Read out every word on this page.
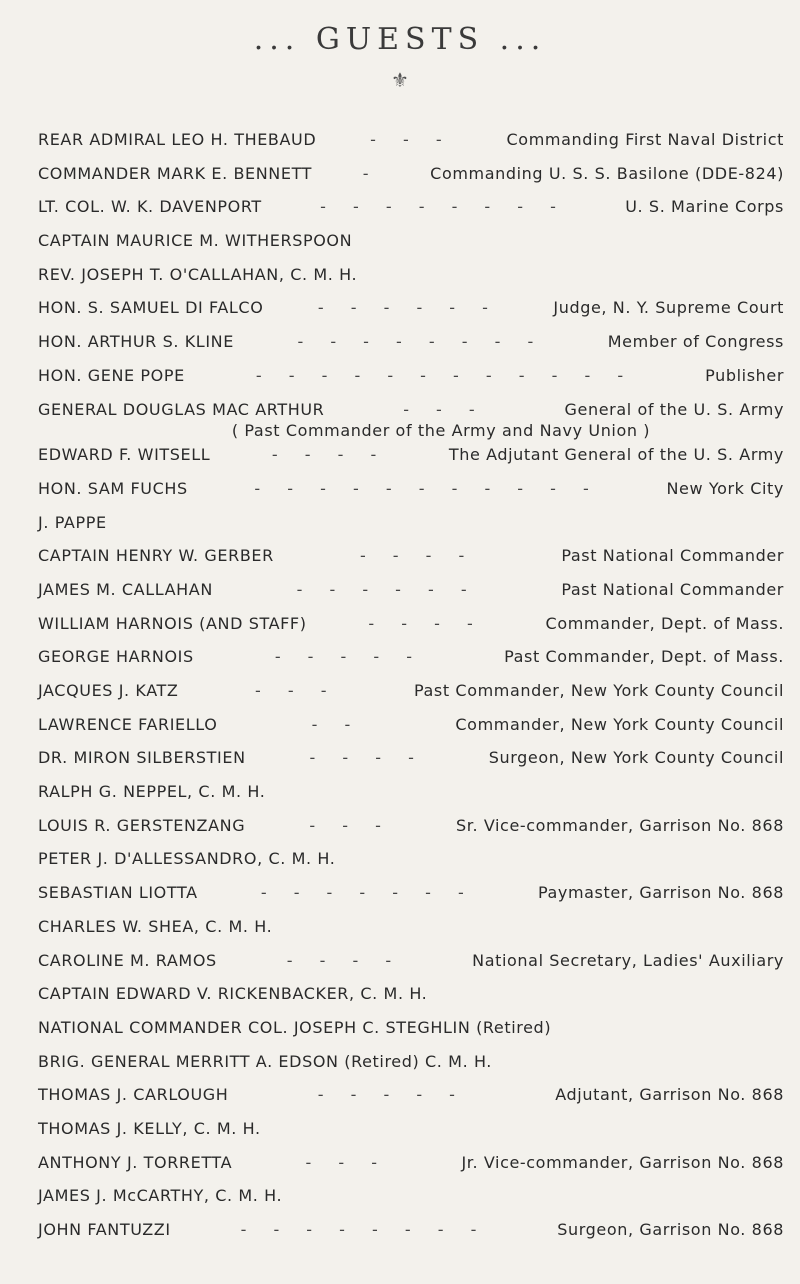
... GUESTS ...
⚜
REAR ADMIRAL LEO H. THEBAUD	- - -	Commanding First Naval District
COMMANDER MARK E. BENNETT	-	Commanding U. S. S. Basilone (DDE-824)
LT. COL. W. K. DAVENPORT	- - - - - - - -	U. S. Marine Corps
CAPTAIN MAURICE M. WITHERSPOON
REV. JOSEPH T. O'CALLAHAN, C. M. H.
HON. S. SAMUEL DI FALCO	- - - - - -	Judge, N. Y. Supreme Court
HON. ARTHUR S. KLINE	- - - - - - - -	Member of Congress
HON. GENE POPE	- - - - - - - - - - - -	Publisher
GENERAL DOUGLAS MAC ARTHUR	- - -	General of the U. S. Army
( Past Commander of the Army and Navy Union )
EDWARD F. WITSELL	- - - -	The Adjutant General of the U. S. Army
HON. SAM FUCHS	- - - - - - - - - - -	New York City
J. PAPPE
CAPTAIN HENRY W. GERBER	- - - -	Past National Commander
JAMES M. CALLAHAN	- - - - - -	Past National Commander
WILLIAM HARNOIS (AND STAFF)	- - - -	Commander, Dept. of Mass.
GEORGE HARNOIS	- - - - -	Past Commander, Dept. of Mass.
JACQUES J. KATZ	- - -	Past Commander, New York County Council
LAWRENCE FARIELLO	- -	Commander, New York County Council
DR. MIRON SILBERSTIEN	- - - -	Surgeon, New York County Council
RALPH G. NEPPEL, C. M. H.
LOUIS R. GERSTENZANG	- - -	Sr. Vice-commander, Garrison No. 868
PETER J. D'ALLESSANDRO, C. M. H.
SEBASTIAN LIOTTA	- - - - - - -	Paymaster, Garrison No. 868
CHARLES W. SHEA, C. M. H.
CAROLINE M. RAMOS	- - - -	National Secretary, Ladies' Auxiliary
CAPTAIN EDWARD V. RICKENBACKER, C. M. H.
NATIONAL COMMANDER COL. JOSEPH C. STEGHLIN (Retired)
BRIG. GENERAL MERRITT A. EDSON (Retired) C. M. H.
THOMAS J. CARLOUGH	- - - - -	Adjutant, Garrison No. 868
THOMAS J. KELLY, C. M. H.
ANTHONY J. TORRETTA	- - -	Jr. Vice-commander, Garrison No. 868
JAMES J. McCARTHY, C. M. H.
JOHN FANTUZZI	- - - - - - - -	Surgeon, Garrison No. 868
